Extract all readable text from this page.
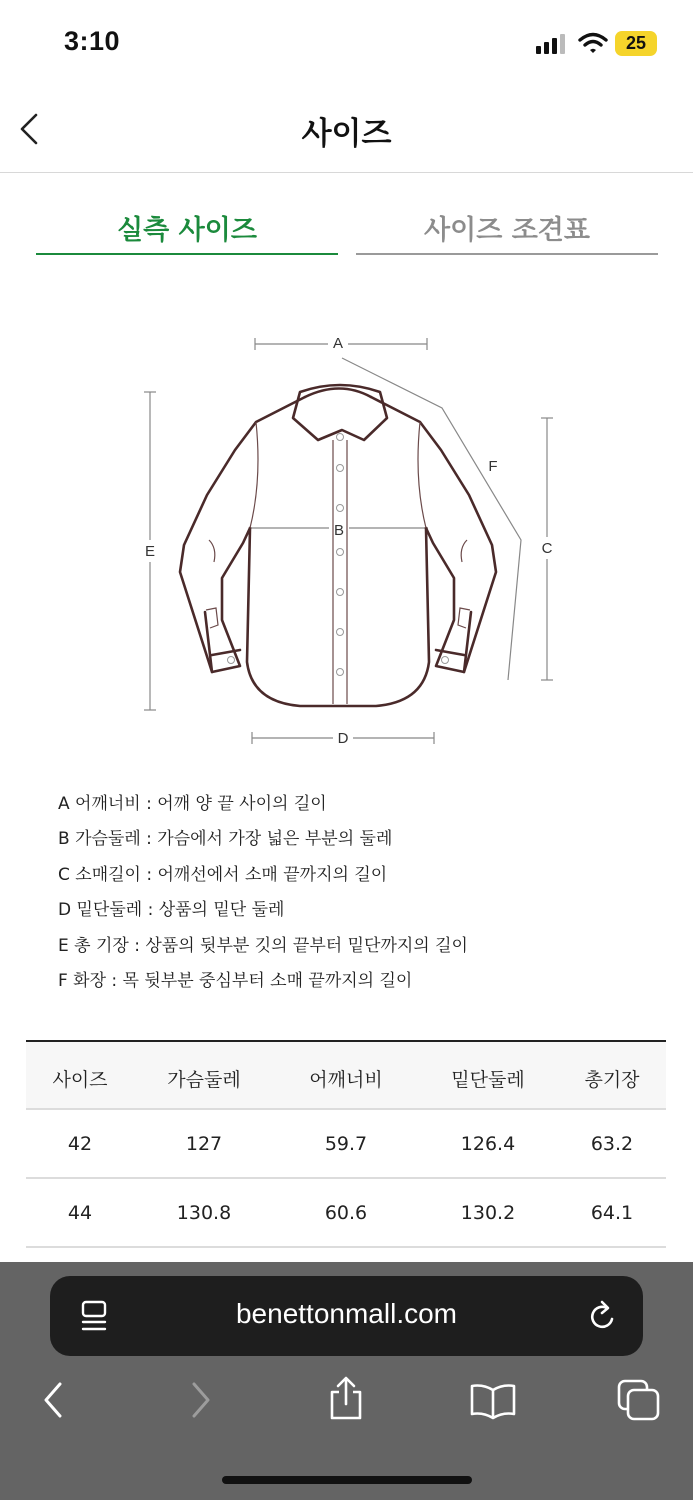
3:10	25
사이즈
실측 사이즈	사이즈 조견표
A
E	C
D
F
B
A 어깨너비 : 어깨 양 끝 사이의 길이
B 가슴둘레 : 가슴에서 가장 넓은 부분의 둘레
C 소매길이 : 어깨선에서 소매 끝까지의 길이
D 밑단둘레 : 상품의 밑단 둘레
E 총 기장 : 상품의 뒷부분 깃의 끝부터 밑단까지의 길이
F 화장 : 목 뒷부분 중심부터 소매 끝까지의 길이
사이즈	가슴둘레	어깨너비	밑단둘레	총기장
42	127	59.7	126.4	63.2
44	130.8	60.6	130.2	64.1
benettonmall.com
